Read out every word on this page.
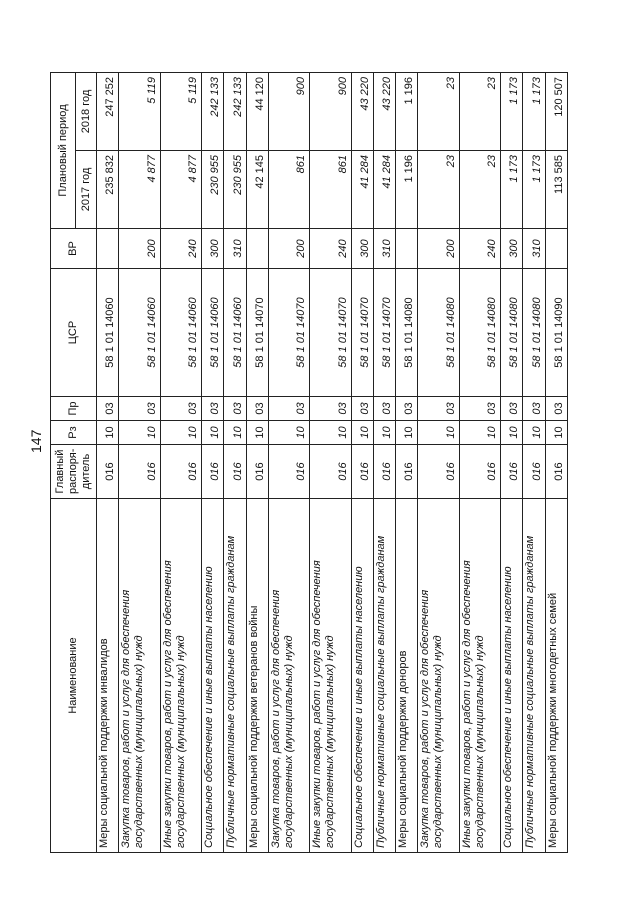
147
Наименование	Главный распоря-дитель	Рз	Пр	ЦСР	ВР	Плановый период	
						2017 год	2018 год
Меры социальной поддержки инвалидов	016	10	03	58 1 01 14060		235 832	247 252
Закупка товаров, работ и услуг для обеспечения государственных (муниципальных) нужд	016	10	03	58 1 01 14060	200	4 877	5 119
Иные закупки товаров, работ и услуг для обеспечения государственных (муниципальных) нужд	016	10	03	58 1 01 14060	240	4 877	5 119
Социальное обеспечение и иные выплаты населению	016	10	03	58 1 01 14060	300	230 955	242 133
Публичные нормативные социальные выплаты гражданам	016	10	03	58 1 01 14060	310	230 955	242 133
Меры социальной поддержки ветеранов войны	016	10	03	58 1 01 14070		42 145	44 120
Закупка товаров, работ и услуг для обеспечения государственных (муниципальных) нужд	016	10	03	58 1 01 14070	200	861	900
Иные закупки товаров, работ и услуг для обеспечения государственных (муниципальных) нужд	016	10	03	58 1 01 14070	240	861	900
Социальное обеспечение и иные выплаты населению	016	10	03	58 1 01 14070	300	41 284	43 220
Публичные нормативные социальные выплаты гражданам	016	10	03	58 1 01 14070	310	41 284	43 220
Меры социальной поддержки доноров	016	10	03	58 1 01 14080		1 196	1 196
Закупка товаров, работ и услуг для обеспечения государственных (муниципальных) нужд	016	10	03	58 1 01 14080	200	23	23
Иные закупки товаров, работ и услуг для обеспечения государственных (муниципальных) нужд	016	10	03	58 1 01 14080	240	23	23
Социальное обеспечение и иные выплаты населению	016	10	03	58 1 01 14080	300	1 173	1 173
Публичные нормативные социальные выплаты гражданам	016	10	03	58 1 01 14080	310	1 173	1 173
Меры социальной поддержки многодетных семей	016	10	03	58 1 01 14090		113 585	120 507
